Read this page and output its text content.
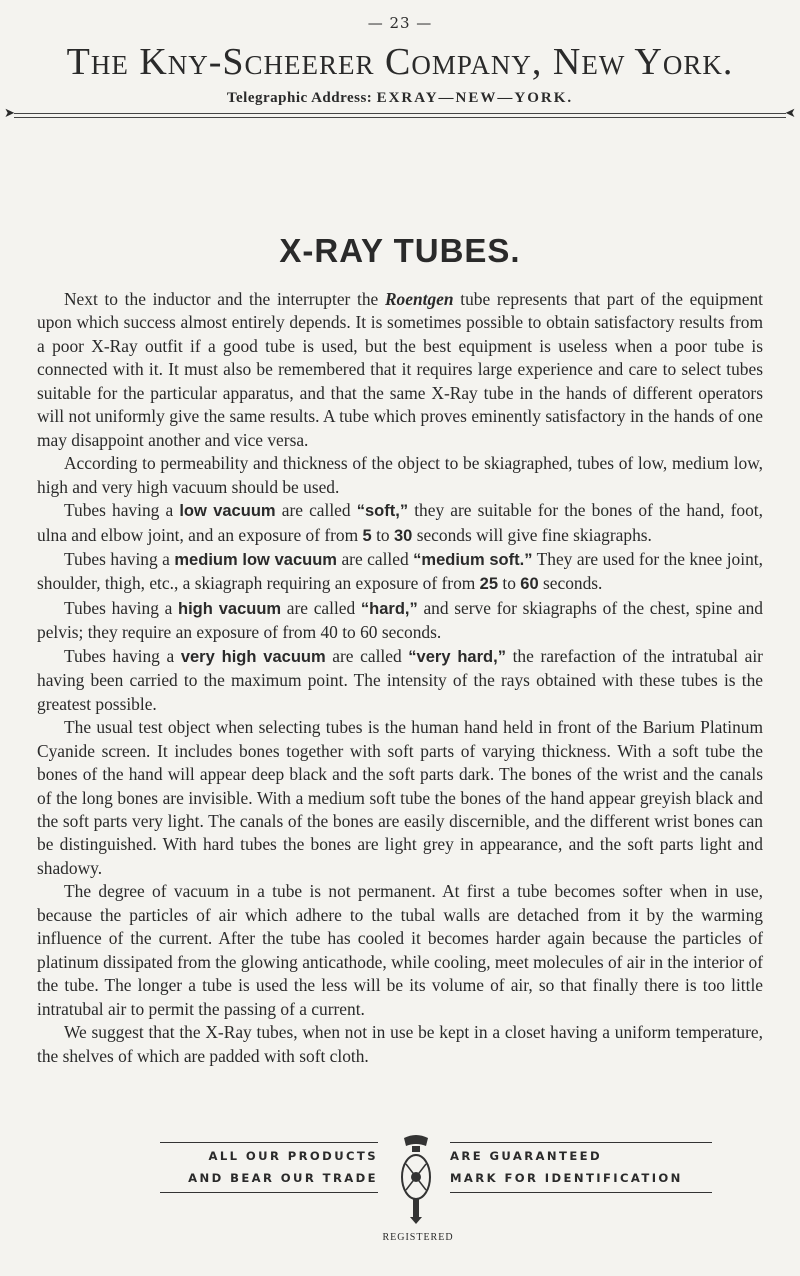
— 23 —
The Kny-Scheerer Company, New York.
Telegraphic Address: EXRAY—NEW—YORK.
➤	➤
X-RAY TUBES.

Next to the inductor and the interrupter the Roentgen tube represents that part of the equipment upon which success almost entirely depends. It is sometimes possible to obtain satisfactory results from a poor X-Ray outfit if a good tube is used, but the best equipment is useless when a poor tube is connected with it. It must also be remembered that it requires large experience and care to select tubes suitable for the particular apparatus, and that the same X-Ray tube in the hands of different operators will not uniformly give the same results. A tube which proves eminently satisfactory in the hands of one may disappoint another and vice versa.

According to permeability and thickness of the object to be skiagraphed, tubes of low, medium low, high and very high vacuum should be used.

Tubes having a low vacuum are called “soft,” they are suitable for the bones of the hand, foot, ulna and elbow joint, and an exposure of from 5 to 30 seconds will give fine skiagraphs.

Tubes having a medium low vacuum are called “medium soft.” They are used for the knee joint, shoulder, thigh, etc., a skiagraph requiring an exposure of from 25 to 60 seconds.

Tubes having a high vacuum are called “hard,” and serve for skiagraphs of the chest, spine and pelvis; they require an exposure of from 40 to 60 seconds.

Tubes having a very high vacuum are called “very hard,” the rarefaction of the intratubal air having been carried to the maximum point. The intensity of the rays obtained with these tubes is the greatest possible.

The usual test object when selecting tubes is the human hand held in front of the Barium Platinum Cyanide screen. It includes bones together with soft parts of varying thickness. With a soft tube the bones of the hand will appear deep black and the soft parts dark. The bones of the wrist and the canals of the long bones are invisible. With a medium soft tube the bones of the hand appear greyish black and the soft parts very light. The canals of the bones are easily discernible, and the different wrist bones can be distinguished. With hard tubes the bones are light grey in appearance, and the soft parts light and shadowy.

The degree of vacuum in a tube is not permanent. At first a tube becomes softer when in use, because the particles of air which adhere to the tubal walls are detached from it by the warming influence of the current. After the tube has cooled it becomes harder again because the particles of platinum dissipated from the glowing anticathode, while cooling, meet molecules of air in the interior of the tube. The longer a tube is used the less will be its volume of air, so that finally there is too little intratubal air to permit the passing of a current.

We suggest that the X-Ray tubes, when not in use be kept in a closet having a uniform temperature, the shelves of which are padded with soft cloth.

ALL OUR PRODUCTS
AND BEAR OUR TRADE
ARE GUARANTEED
MARK FOR IDENTIFICATION
REGISTERED
